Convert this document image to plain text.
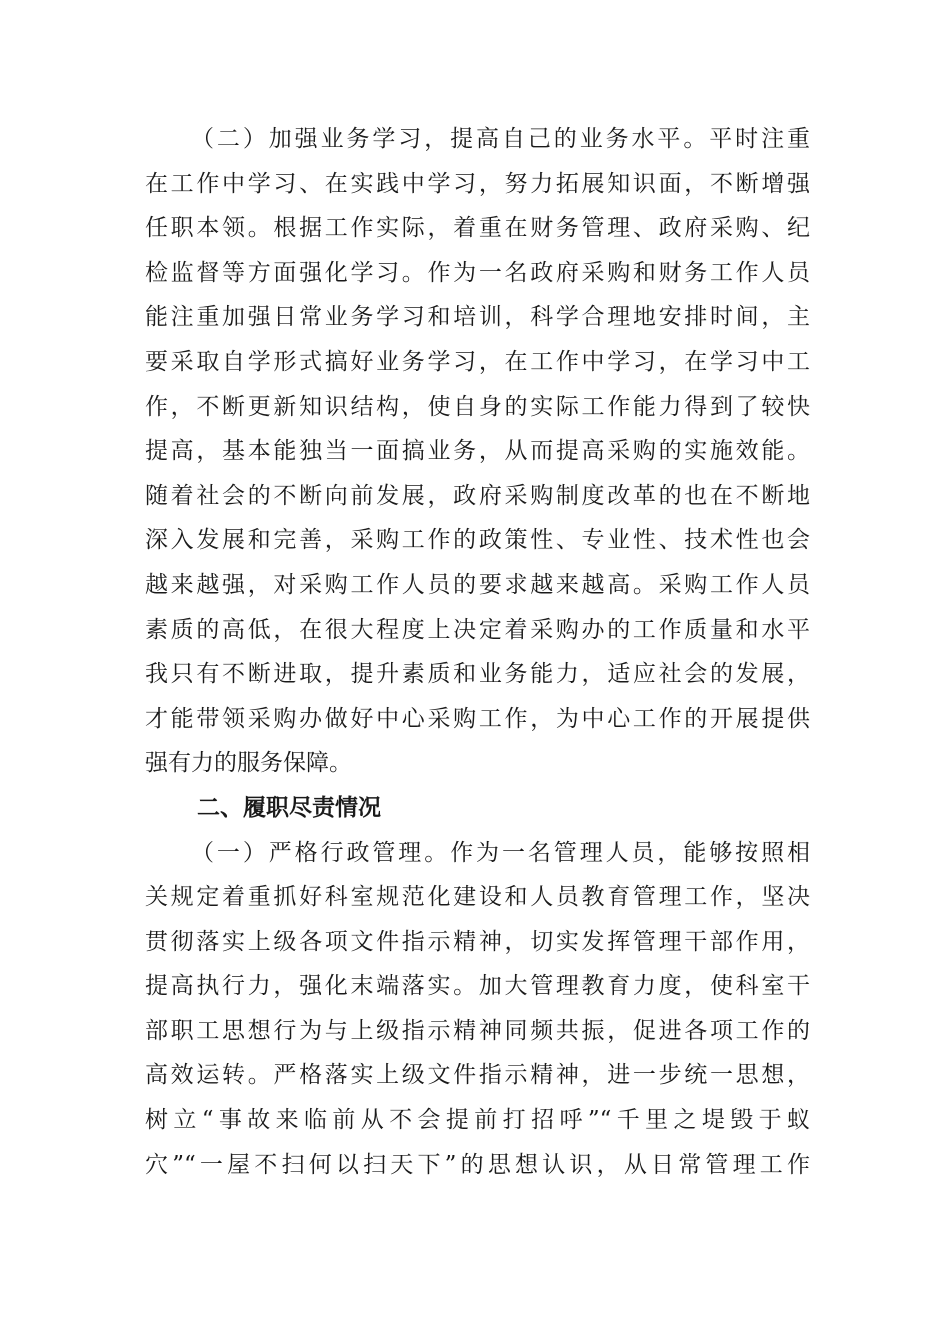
（二）加强业务学习，提高自己的业务水平。平时注重
在工作中学习、在实践中学习，努力拓展知识面，不断增强
任职本领。根据工作实际，着重在财务管理、政府采购、纪
检监督等方面强化学习。作为一名政府采购和财务工作人员
能注重加强日常业务学习和培训，科学合理地安排时间，主
要采取自学形式搞好业务学习，在工作中学习，在学习中工
作，不断更新知识结构，使自身的实际工作能力得到了较快
提高，基本能独当一面搞业务，从而提高采购的实施效能。
随着社会的不断向前发展，政府采购制度改革的也在不断地
深入发展和完善，采购工作的政策性、专业性、技术性也会
越来越强，对采购工作人员的要求越来越高。采购工作人员
素质的高低，在很大程度上决定着采购办的工作质量和水平
我只有不断进取，提升素质和业务能力，适应社会的发展，
才能带领采购办做好中心采购工作，为中心工作的开展提供
强有力的服务保障。
二、履职尽责情况
（一）严格行政管理。作为一名管理人员，能够按照相
关规定着重抓好科室规范化建设和人员教育管理工作，坚决
贯彻落实上级各项文件指示精神，切实发挥管理干部作用，
提高执行力，强化末端落实。加大管理教育力度，使科室干
部职工思想行为与上级指示精神同频共振，促进各项工作的
高效运转。严格落实上级文件指示精神，进一步统一思想，
树立“事故来临前从不会提前打招呼”“千里之堤毁于蚁
穴”“一屋不扫何以扫天下”的思想认识，从日常管理工作
